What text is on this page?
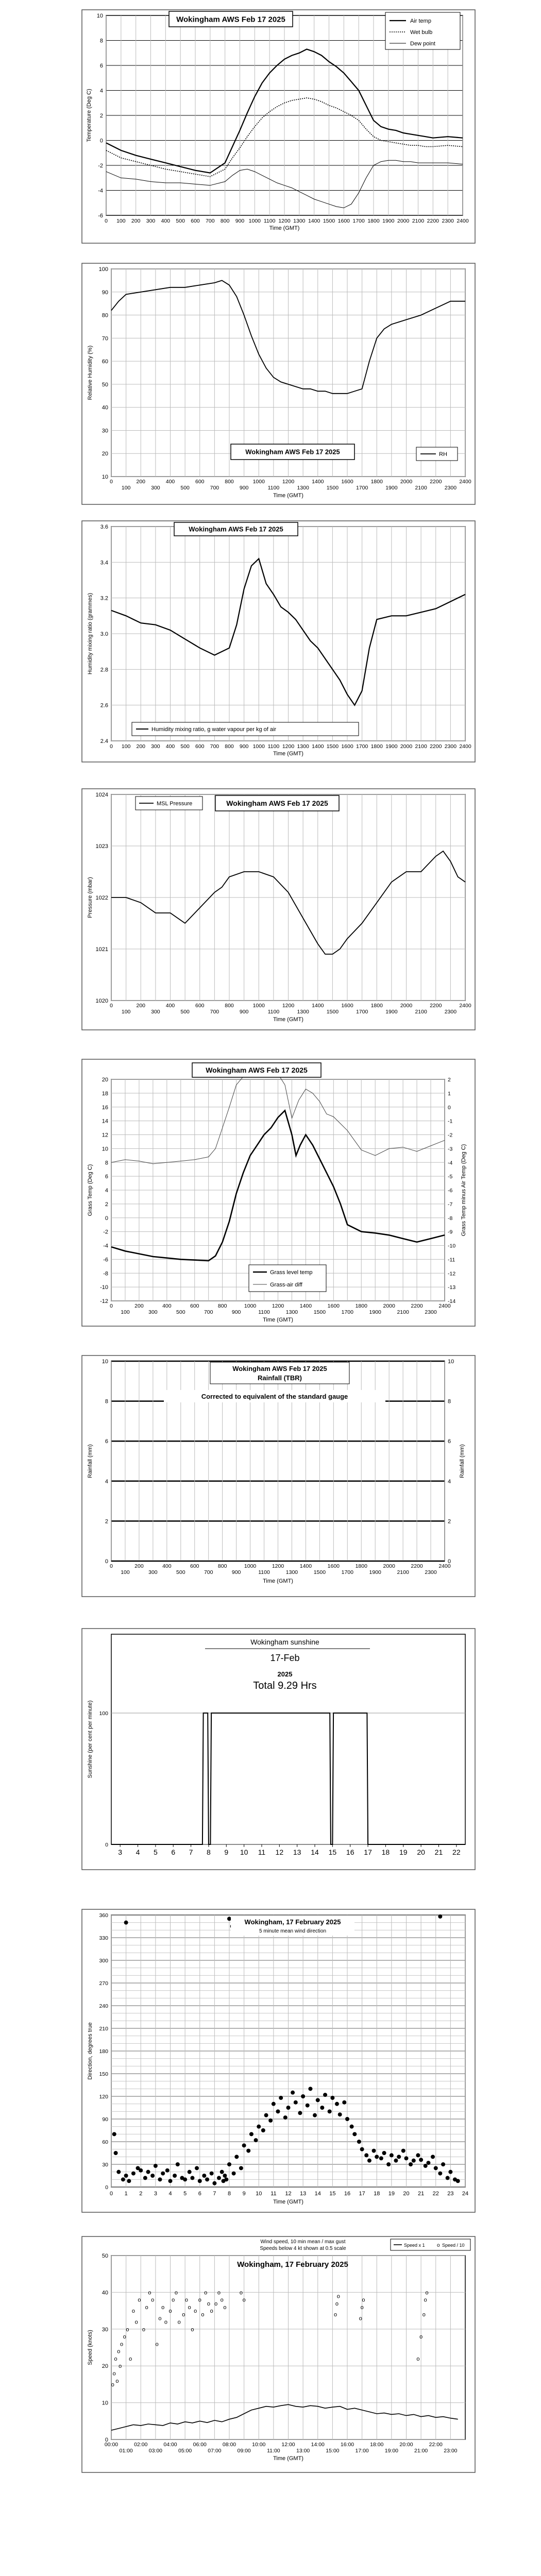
-6
-4
-2
0
2
4
6
8
10
0 100 200 300 400 500 600 700 800 900 1000 1100 1200 1300 1400 1500 1600 1700 1800 1900 2000 2100 2200 2300 2400
Time (GMT)
Temperature (Deg C)
Wokingham AWS Feb 17 2025	Air temp
Wet bulb
Dew point
10
20
30
40
50
60
70
80
90
100
0	200	400	600	800	1000	1200	1400	1600	1800	2000	2200	2400
100	300	500	700	900	1100	1300	1500	1700	1900	2100	2300
Time (GMT)
Relative Humidity (%)
Wokingham AWS Feb 17 2025	RH
2.4
2.6
2.8
3.0
3.2
3.4
3.6
0 100 200 300 400 500 600 700 800 900 1000 1100 1200 1300 1400 1500 1600 1700 1800 1900 2000 2100 2200 2300 2400
Time (GMT)
Humidity mixing ratio (grammes)
Wokingham AWS Feb 17 2025
Humidity mixing ratio, g water vapour per kg of air
1020
1021
1022
1023
1024
0	200	400	600	800	1000	1200	1400	1600	1800	2000	2200	2400
100	300	500	700	900	1100	1300	1500	1700	1900	2100	2300
Time (GMT)
Pressure (mbar)
MSL Pressure	Wokingham AWS Feb 17 2025
-12
-10
-8
-6
-4
-2
0
2
4
6
8
10
12
14
16
18
20
-14
-13
-12
-11
-10
-9
-8
-7
-6
-5
-4
-3
-2
-1
0
1
2
0	200	400	600	800	1000	1200	1400	1600	1800	2000	2200	2400
100	300	500	700	900	1100	1300	1500	1700	1900	2100	2300
Time (GMT)
Grass Temp (Deg C)	Grass Temp minus Air Temp (Deg C)
Wokingham AWS Feb 17 2025
Grass level temp
Grass-air diff
0	0
2	2
4	4
6	6
8	8
10	10
0	200	400	600	800	1000	1200	1400	1600	1800	2000	2200	2400
100	300	500	700	900	1100	1300	1500	1700	1900	2100	2300
Time (GMT)
Rainfall (mm)	Rainfall (mm)
Wokingham AWS Feb 17 2025
Rainfall (TBR)
Corrected to equivalent of the standard gauge
0
100
3 4 5 6 7 8 9 10 11 12 13 14 15 16 17 18 19 20 21 22
Sunshine (per cent per minute)
Wokingham sunshine
17-Feb
2025
Total 9.29 Hrs
0
30
60
90
120
150
180
210
240
270
300
330
360
0 1 2 3 4 5 6 7 8 9 10 11 12 13 14 15 16 17 18 19 20 21 22 23 24
Time (GMT)
Direction, degrees true
Wokingham, 17 February 2025
5 minute mean wind direction
0
10
20
30
40
50
00:00	02:00	04:00	06:00	08:00	10:00	12:00	14:00	16:00	18:00	20:00	22:00
01:00	03:00	05:00	07:00	09:00	11:00	13:00	15:00	17:00	19:00	21:00	23:00
Time (GMT)
Speed (knots)
o
o
o
o
o
o
o
o
o
o
o
o
o
o
o
o
o
o
o
o
o
o
o
o
o
o
o
o
o
o
o
o
o
o
o
o
o
o
o
o
o
o
o
o
o
o
o
o
o
o
o
o
Wind speed, 10 min mean / max gust
Speeds below 4 kt shown at 0.5 scale
Wokingham, 17 February 2025
Speed x 1 o Speed / 10
